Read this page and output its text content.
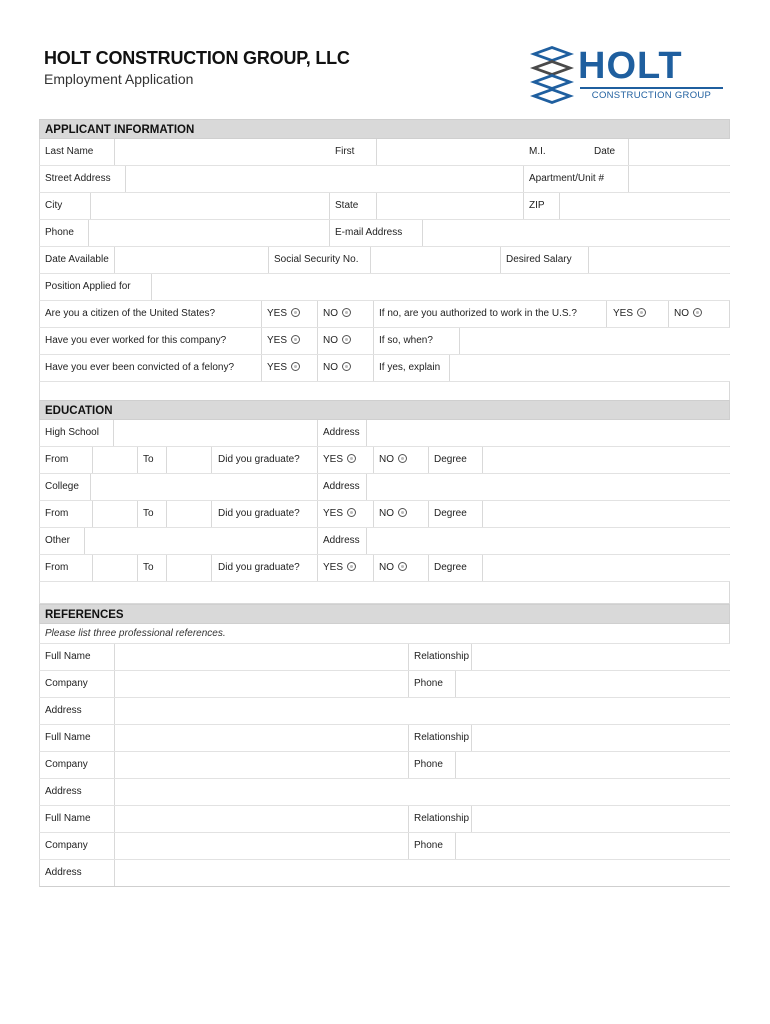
HOLT CONSTRUCTION GROUP, LLC
Employment Application	HOLT
CONSTRUCTION GROUP
APPLICANT INFORMATION
Last Name	First	M.I.	Date
Street Address	Apartment/Unit #
City	State	ZIP
Phone	E-mail Address
Date Available	Social Security No.	Desired Salary
Position Applied for
Are you a citizen of the United States?	YES	NO	If no, are you authorized to work in the U.S.?	YES	NO
Have you ever worked for this company?	YES	NO	If so, when?
Have you ever been convicted of a felony?	YES	NO	If yes, explain
EDUCATION
High School	Address
From	To	Did you graduate? YES	NO	Degree
College	Address
From	To	Did you graduate? YES	NO	Degree
Other	Address
From	To	Did you graduate? YES	NO	Degree
REFERENCES
Please list three professional references.
Full Name	Relationship
Company	Phone
Address
Full Name	Relationship
Company	Phone
Address
Full Name	Relationship
Company	Phone
Address
